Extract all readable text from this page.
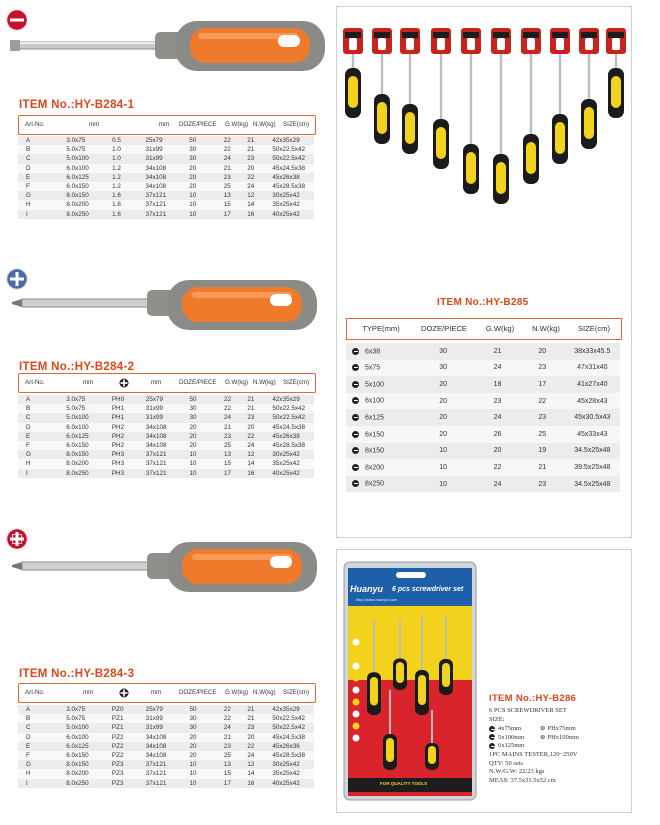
ITEM No.:HY-B284-1
Art-No.	mm	mm DOZE/PIECE G.W(kg) N.W(kg) SIZE(cm)
A	3.0x75	0.5	25x79	50	22	21	42x35x29
B	5.0x75	1.0	31x99	30	22	21	50x22.5x42
C	5.0x100	1.0	31x99	30	24	23	50x22.5x42
D	6.0x100	1.2	34x108	20	21	20	45x24.5x38
E	6.0x125	1.2	34x108	20	23	22	45x26x38
F	6.0x150	1.2	34x108	20	25	24	45x28.5x38
G	8.0x150	1.6	37x121	10	13	12	30x25x42
H	8.0x200	1.6	37x121	10	15	14	35x25x42
I	8.0x250	1.6	37x121	10	17	16	40x25x42
ITEM No.:HY-B284-2
Art-No.	mm	mm	DOZE/PIECE G.W(kg) N.W(kg) SIZE(cm)
A	3.0x75	PH0	25x79	50	22	21	42x35x29
B	5.0x75	PH1	31x99	30	22	21	50x22.5x42
C	5.0x100	PH1	31x99	30	24	23	50x22.5x42
D	6.0x100	PH2	34x108	20	21	20	45x24.5x38
E	6.0x125	PH2	34x108	20	23	22	45x26x38
F	6.0x150	PH2	34x108	20	25	24	45x28.5x38
G	8.0x150	PH3	37x121	10	13	12	30x25x42
H	8.0x200	PH3	37x121	10	15	14	35x25x42
I	8.0x250	PH3	37x121	10	17	16	40x25x42
ITEM No.:HY-B284-3
Art-No.	mm	mm	DOZE/PIECE G.W(kg) N.W(kg) SIZE(cm)
A	3.0x75	PZ0	25x79	50	22	21	42x35x29
B	5.0x75	PZ1	31x99	30	22	21	50x22.5x42
C	5.0x100	PZ1	31x99	30	24	23	50x22.5x42
D	6.0x100	PZ2	34x108	20	21	20	45x24.5x38
E	6.0x125	PZ2	34x108	20	23	22	45x26x36
F	6.0x150	PZ2	34x108	20	25	24	45x28.5x38
G	8.0x150	PZ3	37x121	10	13	12	30x25x42
H	8.0x200	PZ3	37x121	10	15	14	35x25x42
I	8.0x250	PZ3	37x121	10	17	16	40x25x42
ITEM No.:HY-B285
TYPE(mm)	DOZE/PIECE	G.W(kg)	N.W(kg)	SIZE(cm)
6x38	30	21	20	38x33x45.5
5x75	30	24	23	47x31x40
5x100	20	18	17	41x27x40
6x100	20	23	22	45x28x43
6x125	20	24	23	45x30.5x43
6x150	20	26	25	45x33x43
8x150	10	20	19	34.5x25x48
8x200	10	22	21	39.5x25x48
8x250	10	24	23	34.5x25x48
Huanyu 6 pcs screwdriver set
http://www.huanyu.com
FOR QUALITY TOOLS
ITEM No.:HY-B286
6 PCS SCREWDRIVER SET
SIZE:
4x75mm
5x100mm
6x125mm
⊕ PHx75mm
⊕ PHx100mm
1PC MAINS TESTER,120~250V
QTY: 50 sets
N.W/G.W: 22/23 kgs
MEAS: 37.5x31.5x52 cm
